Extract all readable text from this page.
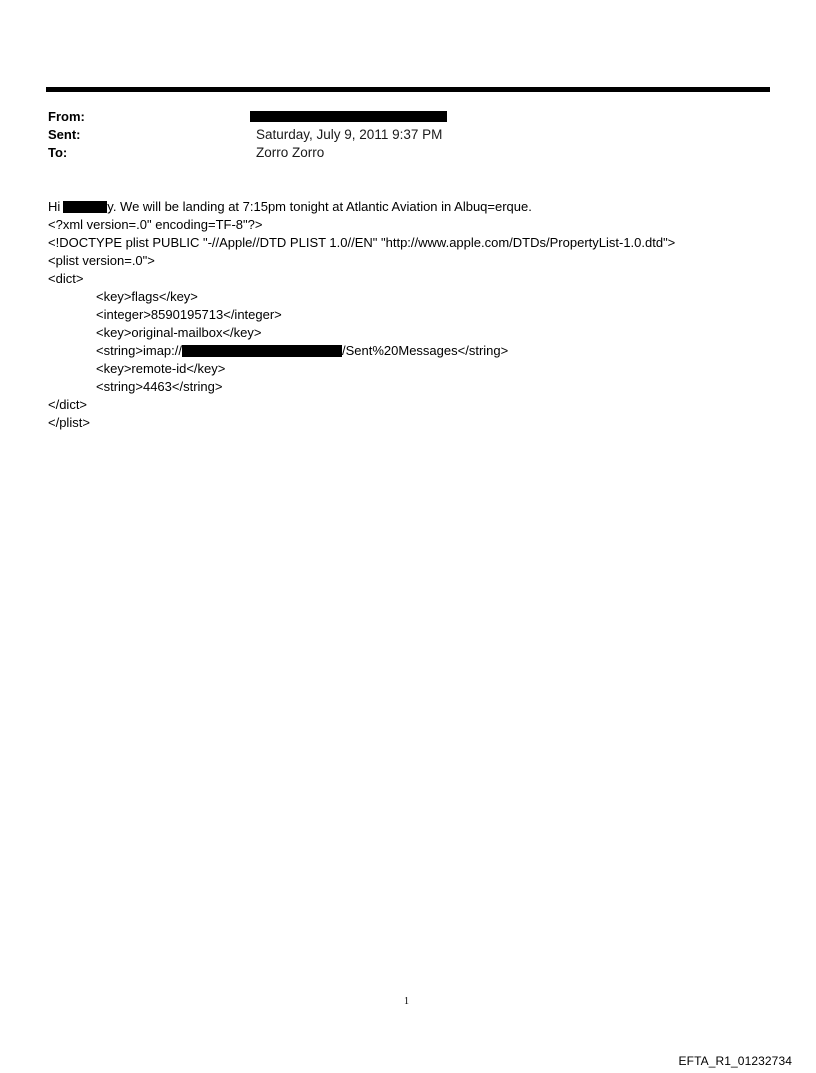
From:
Sent:	Saturday, July 9, 2011 9:37 PM
To:	Zorro Zorro
Hi	y. We will be landing at 7:15pm tonight at Atlantic Aviation in Albuq=erque.
<?xml version=.0" encoding=TF-8"?>
<!DOCTYPE plist PUBLIC "-//Apple//DTD PLIST 1.0//EN" "http://www.apple.com/DTDs/PropertyList-1.0.dtd">
<plist version=.0">
<dict>
<key>flags</key>
<integer>8590195713</integer>
<key>original-mailbox</key>
<string>imap://	/Sent%20Messages</string>
<key>remote-id</key>
<string>4463</string>
</dict>
</plist>
1
EFTA_R1_01232734
